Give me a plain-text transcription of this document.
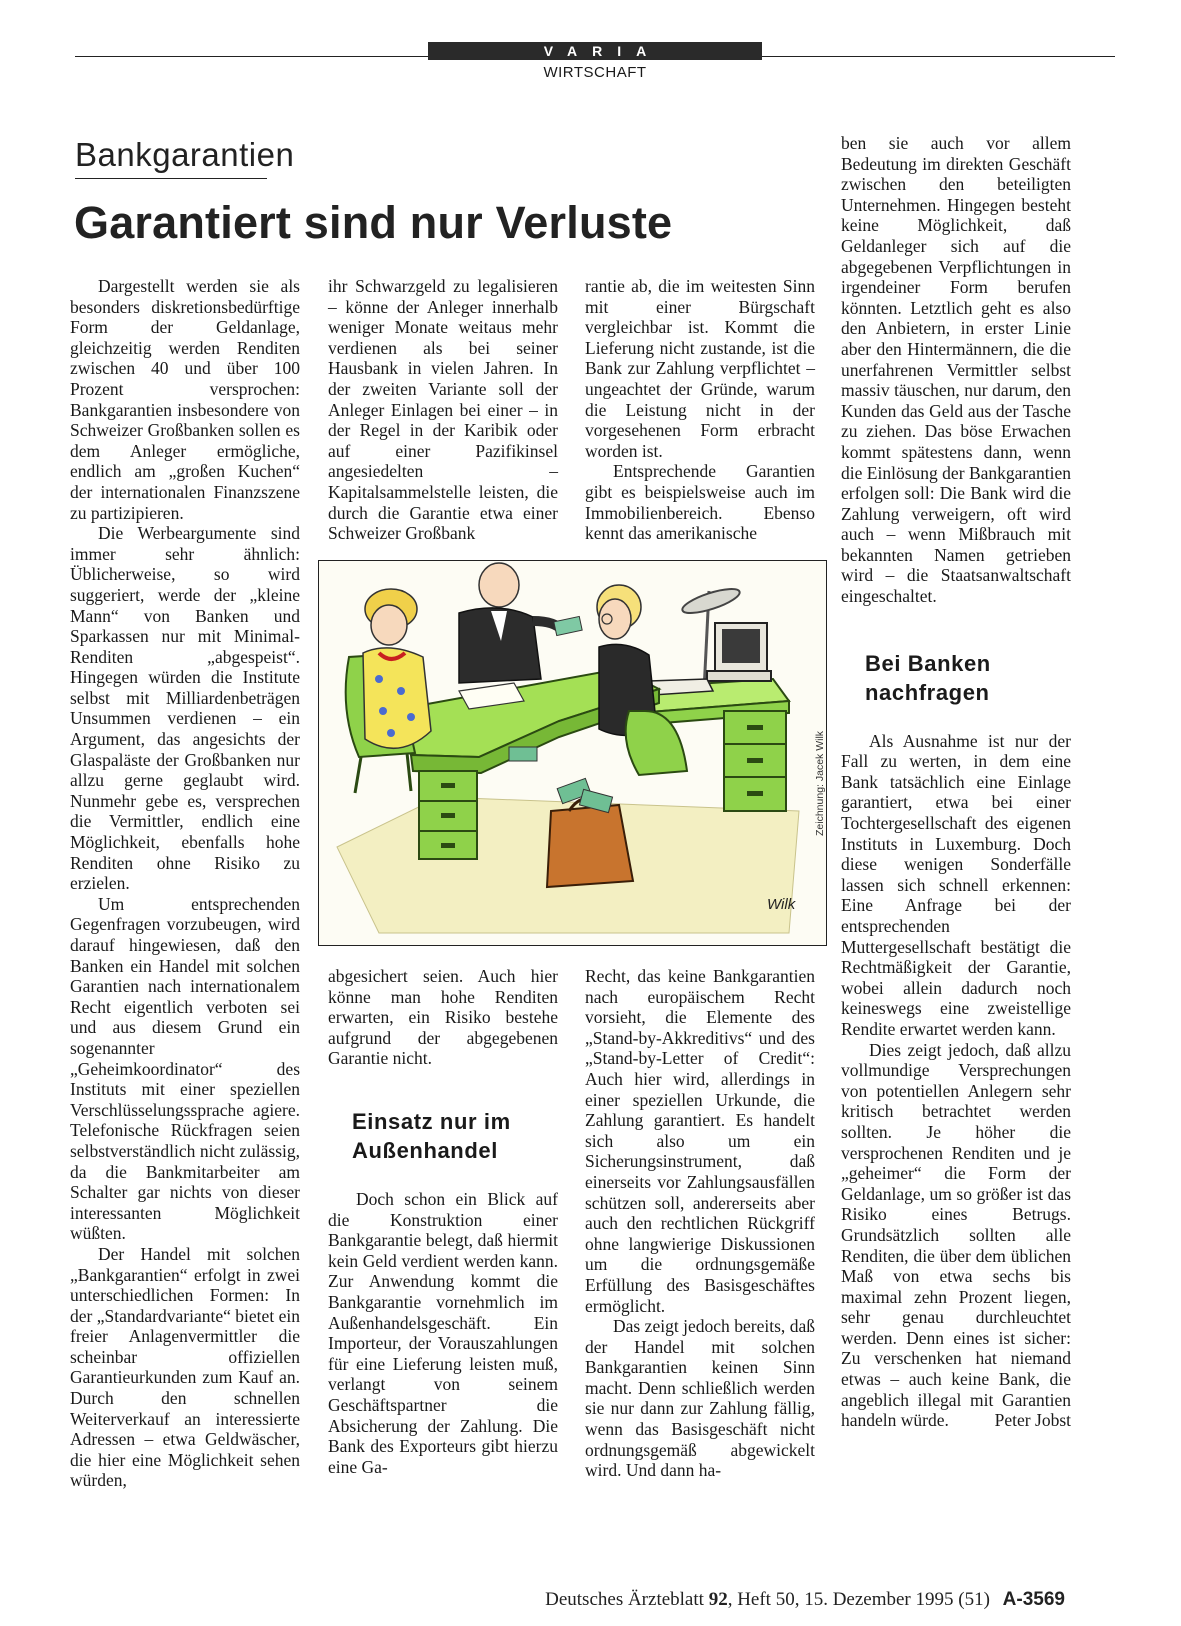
VARIA
WIRTSCHAFT
Bankgarantien
Garantiert sind nur Verluste

Dargestellt werden sie als besonders diskretionsbedürftige Form der Geldanlage, gleichzeitig werden Renditen zwischen 40 und über 100 Prozent versprochen: Bankgarantien insbesondere von Schweizer Großbanken sollen es dem Anleger ermögliche, endlich am „großen Kuchen“ der internationalen Finanzszene zu partizipieren.

Die Werbeargumente sind immer sehr ähnlich: Üblicherweise, so wird suggeriert, werde der „kleine Mann“ von Banken und Sparkassen nur mit Minimal-Renditen „abgespeist“. Hingegen würden die Institute selbst mit Milliardenbeträgen Unsummen verdienen – ein Argument, das angesichts der Glaspaläste der Großbanken nur allzu gerne geglaubt wird. Nunmehr gebe es, versprechen die Vermittler, endlich eine Möglichkeit, ebenfalls hohe Renditen ohne Risiko zu erzielen.

Um entsprechenden Gegenfragen vorzubeugen, wird darauf hingewiesen, daß den Banken ein Handel mit solchen Garantien nach internationalem Recht eigentlich verboten sei und aus diesem Grund ein sogenannter „Geheimkoordinator“ des Instituts mit einer speziellen Verschlüsselungssprache agiere. Telefonische Rückfragen seien selbstverständlich nicht zulässig, da die Bankmitarbeiter am Schalter gar nichts von dieser interessanten Möglichkeit wüßten.

Der Handel mit solchen „Bankgarantien“ erfolgt in zwei unterschiedlichen Formen: In der „Standardvariante“ bietet ein freier Anlagenvermittler die scheinbar offiziellen Garantieurkunden zum Kauf an. Durch den schnellen Weiterverkauf an interessierte Adressen – etwa Geldwäscher, die hier eine Möglichkeit sehen würden,

ihr Schwarzgeld zu legalisieren – könne der Anleger innerhalb weniger Monate weitaus mehr verdienen als bei seiner Hausbank in vielen Jahren. In der zweiten Variante soll der Anleger Einlagen bei einer – in der Regel in der Karibik oder auf einer Pazifikinsel angesiedelten – Kapitalsammelstelle leisten, die durch die Garantie etwa einer Schweizer Großbank

rantie ab, die im weitesten Sinn mit einer Bürgschaft vergleichbar ist. Kommt die Lieferung nicht zustande, ist die Bank zur Zahlung verpflichtet – ungeachtet der Gründe, warum die Leistung nicht in der vorgesehenen Form erbracht worden ist.

Entsprechende Garantien gibt es beispielsweise auch im Immobilienbereich. Ebenso kennt das amerikanische

ben sie auch vor allem Bedeutung im direkten Geschäft zwischen den beteiligten Unternehmen. Hingegen besteht keine Möglichkeit, daß Geldanleger sich auf die abgegebenen Verpflichtungen in irgendeiner Form berufen könnten. Letztlich geht es also den Anbietern, in erster Linie aber den Hintermännern, die die unerfahrenen Vermittler selbst massiv täuschen, nur darum, den Kunden das Geld aus der Tasche zu ziehen. Das böse Erwachen kommt spätestens dann, wenn die Einlösung der Bankgarantien erfolgen soll: Die Bank wird die Zahlung verweigern, oft wird auch – wenn Mißbrauch mit bekannten Namen getrieben wird – die Staatsanwaltschaft eingeschaltet.

Bei Banken
nachfragen

Als Ausnahme ist nur der Fall zu werten, in dem eine Bank tatsächlich eine Einlage garantiert, etwa bei einer Tochtergesellschaft des eigenen Instituts in Luxemburg. Doch diese wenigen Sonderfälle lassen sich schnell erkennen: Eine Anfrage bei der entsprechenden Muttergesellschaft bestätigt die Rechtmäßigkeit der Garantie, wobei allein dadurch noch keineswegs eine zweistellige Rendite erwartet werden kann.

Dies zeigt jedoch, daß allzu vollmundige Versprechungen von potentiellen Anlegern sehr kritisch betrachtet werden sollten. Je höher die versprochenen Renditen und je „geheimer“ die Form der Geldanlage, um so größer ist das Risiko eines Betrugs. Grundsätzlich sollten alle Renditen, die über dem üblichen Maß von etwa sechs bis maximal zehn Prozent liegen, sehr genau durchleuchtet werden. Denn eines ist sicher: Zu verschenken hat niemand etwas – auch keine Bank, die angeblich illegal mit Garantien handeln würde.	Peter Jobst

Wilk
Zeichnung: Jacek Wilk

abgesichert seien. Auch hier könne man hohe Renditen erwarten, ein Risiko bestehe aufgrund der abgegebenen Garantie nicht.

Einsatz nur im
Außenhandel

Doch schon ein Blick auf die Konstruktion einer Bankgarantie belegt, daß hiermit kein Geld verdient werden kann. Zur Anwendung kommt die Bankgarantie vornehmlich im Außenhandelsgeschäft. Ein Importeur, der Vorauszahlungen für eine Lieferung leisten muß, verlangt von seinem Geschäftspartner die Absicherung der Zahlung. Die Bank des Exporteurs gibt hierzu eine Ga-

Recht, das keine Bankgarantien nach europäischem Recht vorsieht, die Elemente des „Stand-by-Akkreditivs“ und des „Stand-by-Letter of Credit“: Auch hier wird, allerdings in einer speziellen Urkunde, die Zahlung garantiert. Es handelt sich also um ein Sicherungsinstrument, daß einerseits vor Zahlungsausfällen schützen soll, andererseits aber auch den rechtlichen Rückgriff ohne langwierige Diskussionen um die ordnungsgemäße Erfüllung des Basisgeschäftes ermöglicht.

Das zeigt jedoch bereits, daß der Handel mit solchen Bankgarantien keinen Sinn macht. Denn schließlich werden sie nur dann zur Zahlung fällig, wenn das Basisgeschäft nicht ordnungsgemäß abgewickelt wird. Und dann ha-

Deutsches Ärzteblatt 92, Heft 50, 15. Dezember 1995 (51) A-3569
